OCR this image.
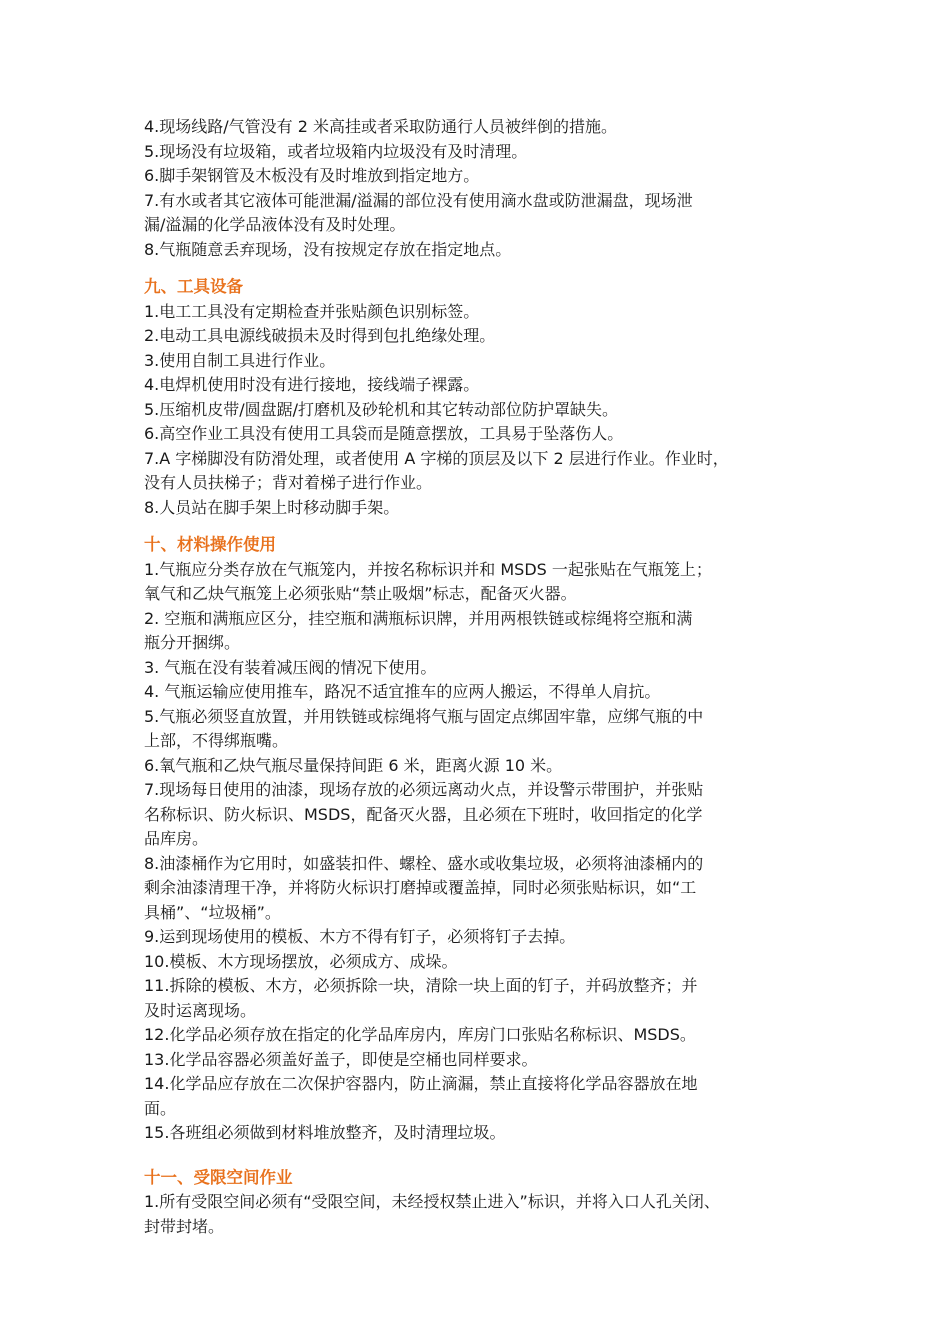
4.现场线路/气管没有 2 米高挂或者采取防通行人员被绊倒的措施。
5.现场没有垃圾箱，或者垃圾箱内垃圾没有及时清理。
6.脚手架钢管及木板没有及时堆放到指定地方。
7.有水或者其它液体可能泄漏/溢漏的部位没有使用滴水盘或防泄漏盘，现场泄
漏/溢漏的化学品液体没有及时处理。
8.气瓶随意丢弃现场，没有按规定存放在指定地点。
九、工具设备
1.电工工具没有定期检查并张贴颜色识别标签。
2.电动工具电源线破损未及时得到包扎绝缘处理。
3.使用自制工具进行作业。
4.电焊机使用时没有进行接地，接线端子裸露。
5.压缩机皮带/圆盘踞/打磨机及砂轮机和其它转动部位防护罩缺失。
6.高空作业工具没有使用工具袋而是随意摆放，工具易于坠落伤人。
7.A 字梯脚没有防滑处理，或者使用 A 字梯的顶层及以下 2 层进行作业。作业时，
没有人员扶梯子；背对着梯子进行作业。
8.人员站在脚手架上时移动脚手架。
十、材料操作使用
1.气瓶应分类存放在气瓶笼内，并按名称标识并和 MSDS 一起张贴在气瓶笼上；
氧气和乙炔气瓶笼上必须张贴“禁止吸烟”标志，配备灭火器。
2. 空瓶和满瓶应区分，挂空瓶和满瓶标识牌，并用两根铁链或棕绳将空瓶和满
瓶分开捆绑。
3. 气瓶在没有装着减压阀的情况下使用。
4. 气瓶运输应使用推车，路况不适宜推车的应两人搬运，不得单人肩抗。
5.气瓶必须竖直放置，并用铁链或棕绳将气瓶与固定点绑固牢靠，应绑气瓶的中
上部，不得绑瓶嘴。
6.氧气瓶和乙炔气瓶尽量保持间距 6 米，距离火源 10 米。
7.现场每日使用的油漆，现场存放的必须远离动火点，并设警示带围护，并张贴
名称标识、防火标识、MSDS，配备灭火器，且必须在下班时，收回指定的化学
品库房。
8.油漆桶作为它用时，如盛装扣件、螺栓、盛水或收集垃圾，必须将油漆桶内的
剩余油漆清理干净，并将防火标识打磨掉或覆盖掉，同时必须张贴标识，如“工
具桶”、“垃圾桶”。
9.运到现场使用的模板、木方不得有钉子，必须将钉子去掉。
10.模板、木方现场摆放，必须成方、成垛。
11.拆除的模板、木方，必须拆除一块，清除一块上面的钉子，并码放整齐；并
及时运离现场。
12.化学品必须存放在指定的化学品库房内，库房门口张贴名称标识、MSDS。
13.化学品容器必须盖好盖子，即使是空桶也同样要求。
14.化学品应存放在二次保护容器内，防止滴漏，禁止直接将化学品容器放在地
面。
15.各班组必须做到材料堆放整齐，及时清理垃圾。
十一、受限空间作业
1.所有受限空间必须有“受限空间，未经授权禁止进入”标识，并将入口人孔关闭、
封带封堵。
